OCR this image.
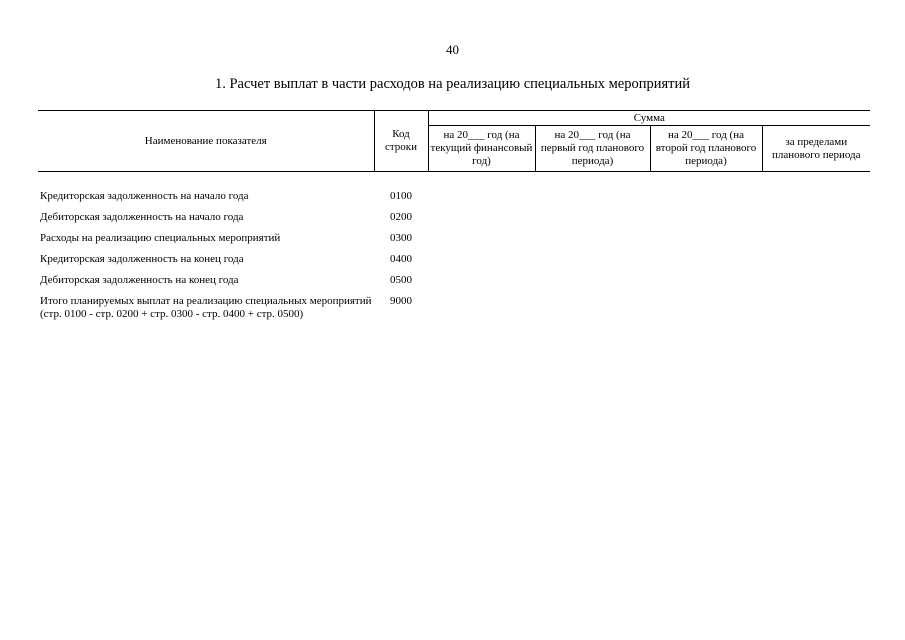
40
1. Расчет выплат в части расходов на реализацию специальных мероприятий
Наименование показателя	Код строки	Сумма			
		на 20___ год (на текущий финансовый год)	на 20___ год (на первый год планового периода)	на 20___ год (на второй год планового периода)	за пределами планового периода

Кредиторская задолженность на начало года	0100				
Дебиторская задолженность на начало года	0200				
Расходы на реализацию специальных мероприятий	0300				
Кредиторская задолженность на конец года	0400				
Дебиторская задолженность на конец года	0500				
Итого планируемых выплат на реализацию специальных мероприятий (стр. 0100 - стр. 0200 + стр. 0300 - стр. 0400 + стр. 0500)	9000				
